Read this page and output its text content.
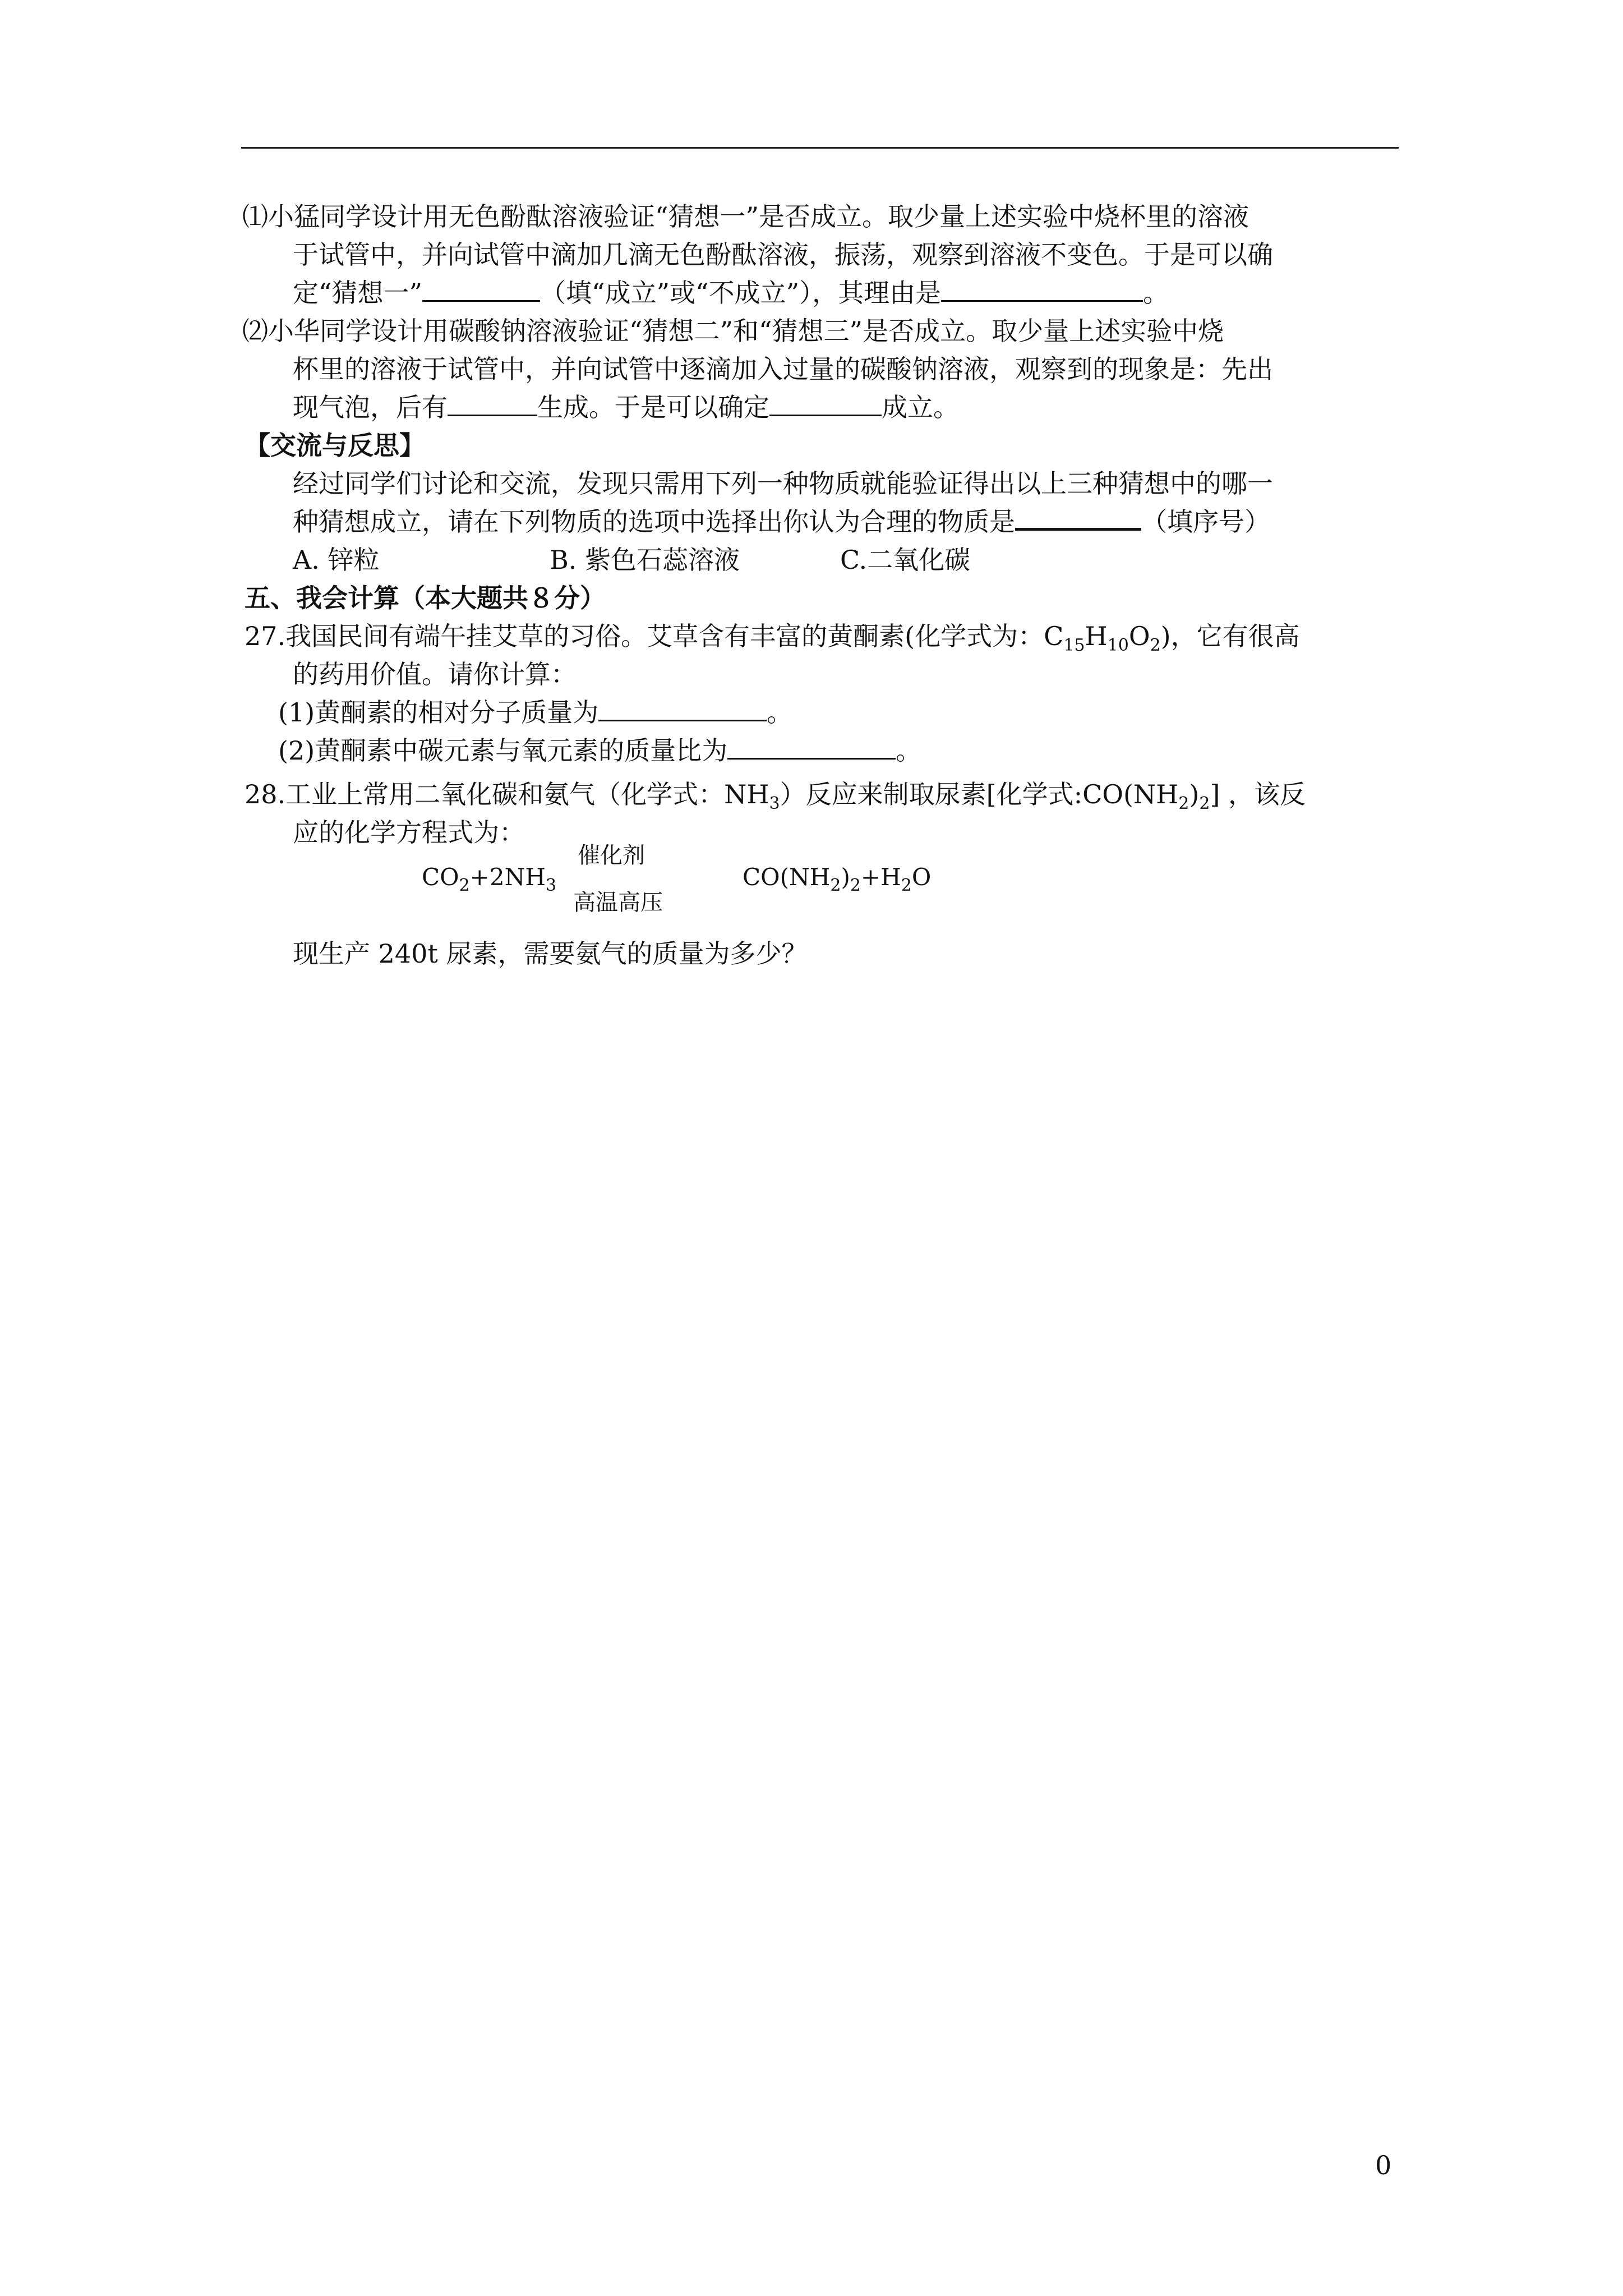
⑴小猛同学设计用无色酚酞溶液验证“猜想一”是否成立。取少量上述实验中烧杯里的溶液
于试管中，并向试管中滴加几滴无色酚酞溶液，振荡，观察到溶液不变色。于是可以确
定“猜想一”	（填“成立”或“不成立”），其理由是	。
⑵小华同学设计用碳酸钠溶液验证“猜想二”和“猜想三”是否成立。取少量上述实验中烧
杯里的溶液于试管中，并向试管中逐滴加入过量的碳酸钠溶液，观察到的现象是：先出
现气泡，后有	生成。于是可以确定	成立。
【交流与反思】
经过同学们讨论和交流，发现只需用下列一种物质就能验证得出以上三种猜想中的哪一
种猜想成立，请在下列物质的选项中选择出你认为合理的物质是	（填序号）
A. 锌粒	B. 紫色石蕊溶液	C.二氧化碳
五、我会计算（本大题共８分）
27.我国民间有端午挂艾草的习俗。艾草含有丰富的黄酮素(化学式为：$C_{15}H_{10}O_2$)，它有很高
的药用价值。请你计算：
(1)黄酮素的相对分子质量为	。
(2)黄酮素中碳元素与氧元素的质量比为	。
28.工业上常用二氧化碳和氨气（化学式：$NH_3$）反应来制取尿素[化学式$:CO(NH_2)_2$] ，该反
应的化学方程式为：
$CO_2+2NH_3$
催化剂
高温高压
$CO(NH_2)_2+H_2O$
现生产 240t 尿素，需要氨气的质量为多少？
0
